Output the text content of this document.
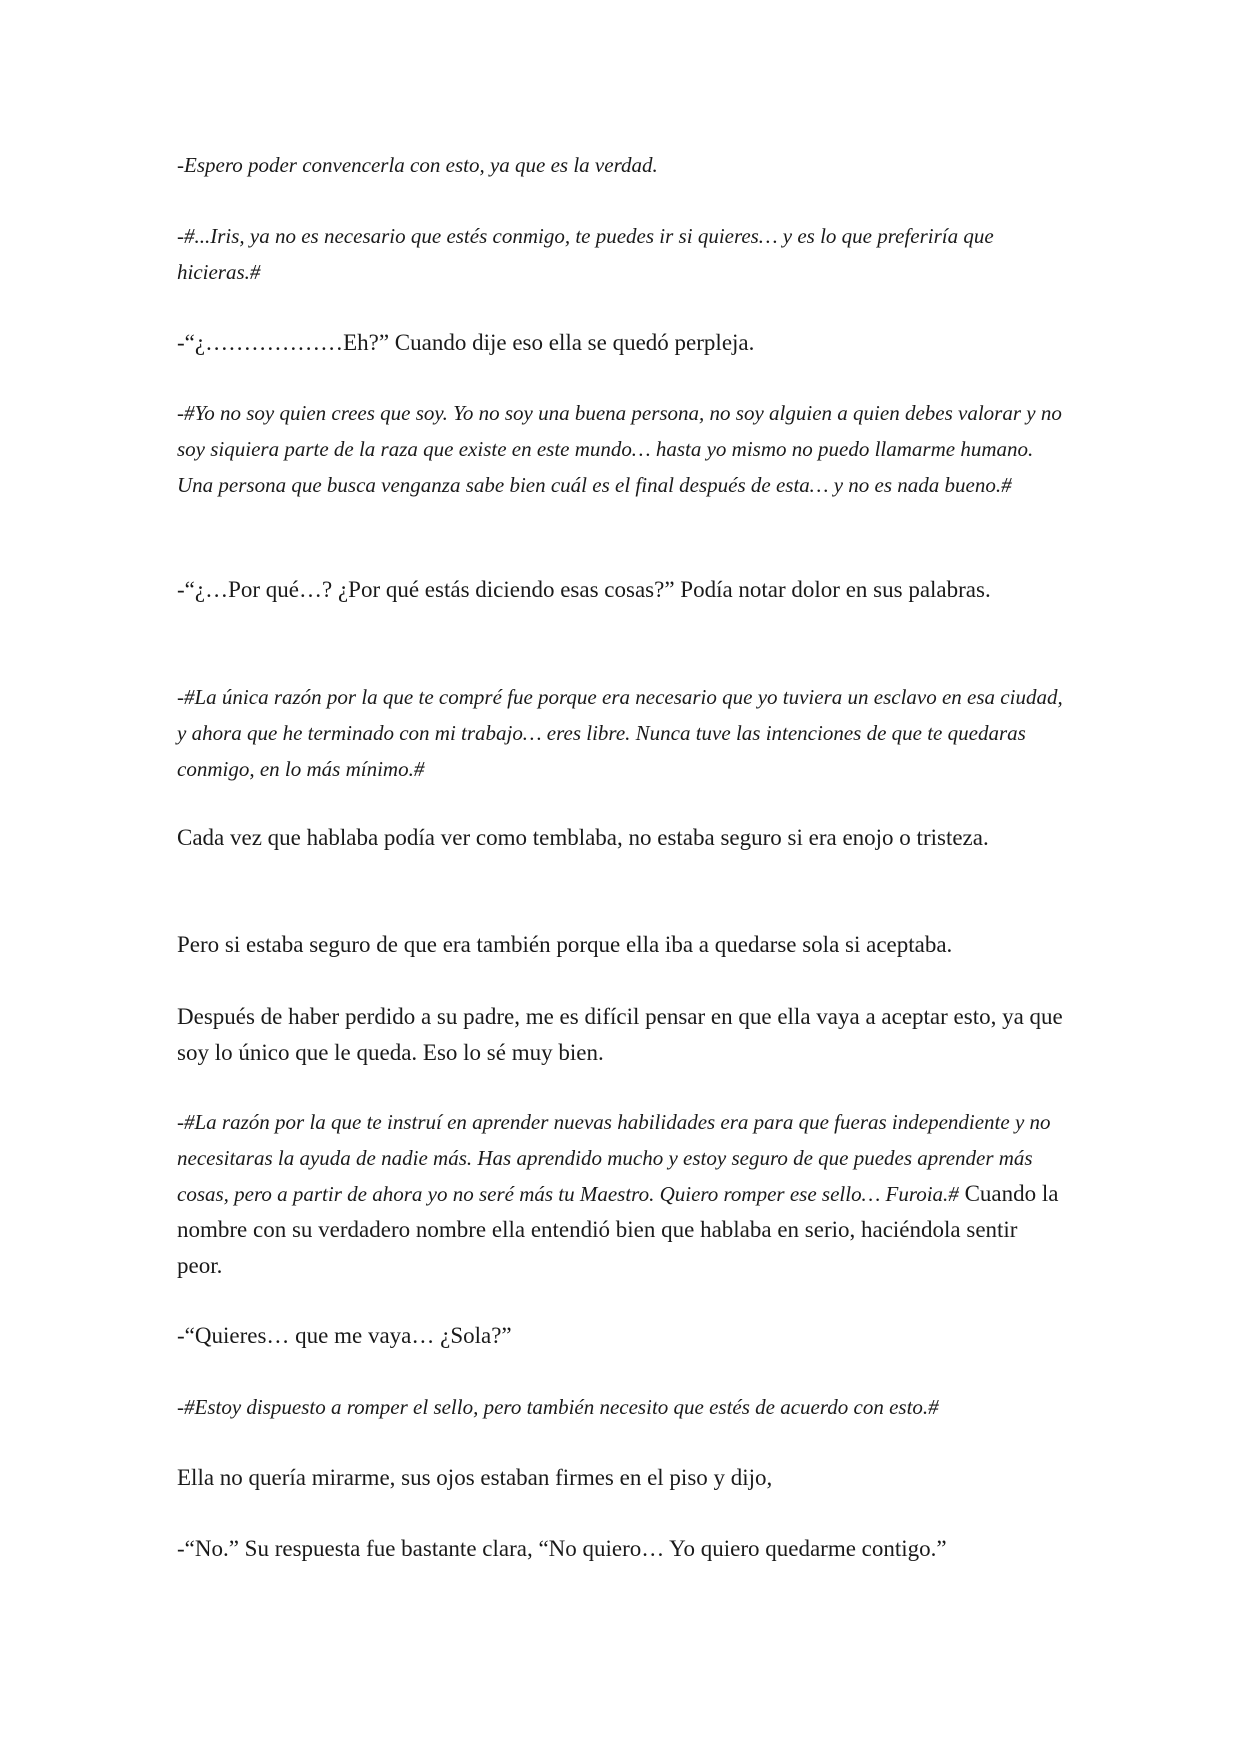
-Espero poder convencerla con esto, ya que es la verdad.

-#...Iris, ya no es necesario que estés conmigo, te puedes ir si quieres… y es lo que preferiría que hicieras.#

-“¿………………Eh?” Cuando dije eso ella se quedó perpleja.

-#Yo no soy quien crees que soy. Yo no soy una buena persona, no soy alguien a quien debes valorar y no soy siquiera parte de la raza que existe en este mundo… hasta yo mismo no puedo llamarme humano. Una persona que busca venganza sabe bien cuál es el final después de esta… y no es nada bueno.#

-“¿…Por qué…? ¿Por qué estás diciendo esas cosas?” Podía notar dolor en sus palabras.

-#La única razón por la que te compré fue porque era necesario que yo tuviera un esclavo en esa ciudad, y ahora que he terminado con mi trabajo… eres libre. Nunca tuve las intenciones de que te quedaras conmigo, en lo más mínimo.#

Cada vez que hablaba podía ver como temblaba, no estaba seguro si era enojo o tristeza.

Pero si estaba seguro de que era también porque ella iba a quedarse sola si aceptaba.

Después de haber perdido a su padre, me es difícil pensar en que ella vaya a aceptar esto, ya que soy lo único que le queda. Eso lo sé muy bien.

-#La razón por la que te instruí en aprender nuevas habilidades era para que fueras independiente y no necesitaras la ayuda de nadie más. Has aprendido mucho y estoy seguro de que puedes aprender más cosas, pero a partir de ahora yo no seré más tu Maestro. Quiero romper ese sello… Furoia.# Cuando la nombre con su verdadero nombre ella entendió bien que hablaba en serio, haciéndola sentir peor.

-“Quieres… que me vaya… ¿Sola?”

-#Estoy dispuesto a romper el sello, pero también necesito que estés de acuerdo con esto.#

Ella no quería mirarme, sus ojos estaban firmes en el piso y dijo,

-“No.” Su respuesta fue bastante clara, “No quiero… Yo quiero quedarme contigo.”
